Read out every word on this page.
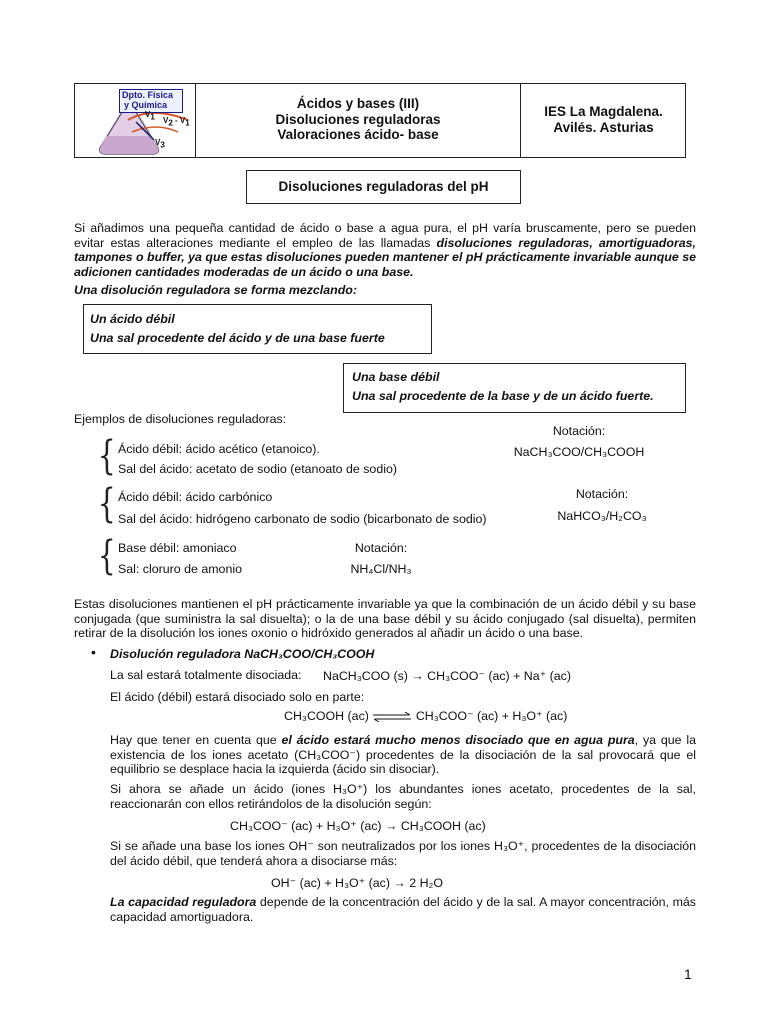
Dpto. Física
y Química
$V_1$ $V_2 - V_1$
$V_3$
Ácidos y bases (III)
Disoluciones reguladoras
Valoraciones ácido- base
IES La Magdalena.
Avilés. Asturias
Disoluciones reguladoras del pH

Si añadimos una pequeña cantidad de ácido o base a agua pura, el pH varía bruscamente, pero se pueden evitar estas alteraciones mediante el empleo de las llamadas disoluciones reguladoras, amortiguadoras, tampones o buffer, ya que estas disoluciones pueden mantener el pH prácticamente invariable aunque se adicionen cantidades moderadas de un ácido o una base.

Una disolución reguladora se forma mezclando:
Un ácido débil
Una sal procedente del ácido y de una base fuerte
Una base débil
Una sal procedente de la base y de un ácido fuerte.
Ejemplos de disoluciones reguladoras:
{ Ácido débil: ácido acético (etanoico).
Sal del ácido: acetato de sodio (etanoato de sodio)
Notación:
NaCH₃COO/CH₃COOH
{ Ácido débil: ácido carbónico
Sal del ácido: hidrógeno carbonato de sodio (bicarbonato de sodio)
Notación:
NaHCO₃/H₂CO₃
{ Base débil: amoniaco
Sal: cloruro de amonio
Notación:
NH₄Cl/NH₃

Estas disoluciones mantienen el pH prácticamente invariable ya que la combinación de un ácido débil y su base conjugada (que suministra la sal disuelta); o la de una base débil y su ácido conjugado (sal disuelta), permiten retirar de la disolución los iones oxonio o hidróxido generados al añadir un ácido o una base.

• Disolución reguladora NaCH₃COO/CH₃COOH
La sal estará totalmente disociada: NaCH₃COO (s) → CH₃COO⁻ (ac) + Na⁺ (ac)
El ácido (débil) estará disociado solo en parte:
CH₃COOH (ac) ⇌ CH₃COO⁻ (ac) + H₃O⁺ (ac)

Hay que tener en cuenta que el ácido estará mucho menos disociado que en agua pura, ya que la existencia de los iones acetato (CH₃COO⁻) procedentes de la disociación de la sal provocará que el equilibrio se desplace hacia la izquierda (ácido sin disociar).

Si ahora se añade un ácido (iones H₃O⁺) los abundantes iones acetato, procedentes de la sal, reaccionarán con ellos retirándolos de la disolución según:

CH₃COO⁻ (ac) + H₃O⁺ (ac) → CH₃COOH (ac)

Si se añade una base los iones OH⁻ son neutralizados por los iones H₃O⁺, procedentes de la disociación del ácido débil, que tenderá ahora a disociarse más:

OH⁻ (ac) + H₃O⁺ (ac) → 2 H₂O

La capacidad reguladora depende de la concentración del ácido y de la sal. A mayor concentración, más capacidad amortiguadora.

1
